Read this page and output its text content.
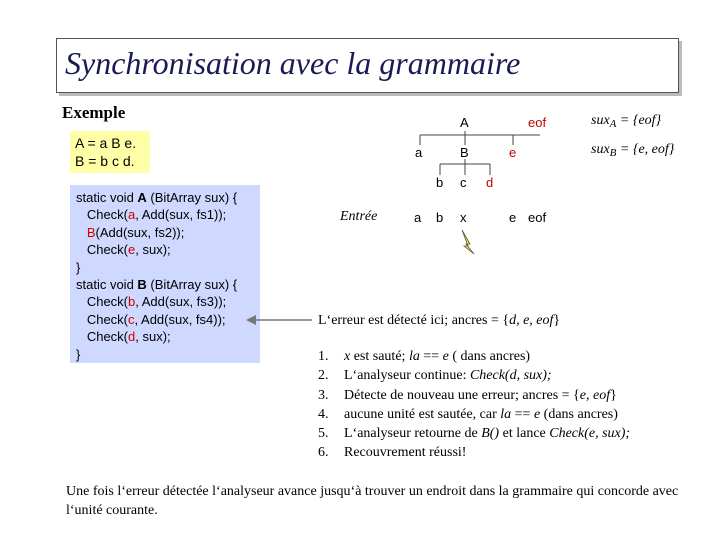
Synchronisation avec la grammaire
Exemple
A = a B e.
B = b c d.
static void A (BitArray sux) {
Check(a, Add(sux, fs1));
B(Add(sux, fs2));
Check(e, sux);
}
static void B (BitArray sux) {
Check(b, Add(sux, fs3));
Check(c, Add(sux, fs4));
Check(d, sux);
}
A	eof
a	B	e
b c d
sux$_A$ = {eof}
sux$_B$ = {e, eof}
Entrée	a b x	e eof
L‘erreur est détecté ici; ancres = {d, e, eof}
1. x est sauté; la == e ( dans ancres)
2. L‘analyseur continue: Check(d, sux);
3. Détecte de nouveau une erreur; ancres = {e, eof}
4. aucune unité est sautée, car la == e (dans ancres)
5. L‘analyseur retourne de B() et lance Check(e, sux);
6. Recouvrement réussi!
Une fois l‘erreur détectée l‘analyseur avance jusqu‘à trouver un endroit dans la grammaire qui concorde avec l‘unité courante.
